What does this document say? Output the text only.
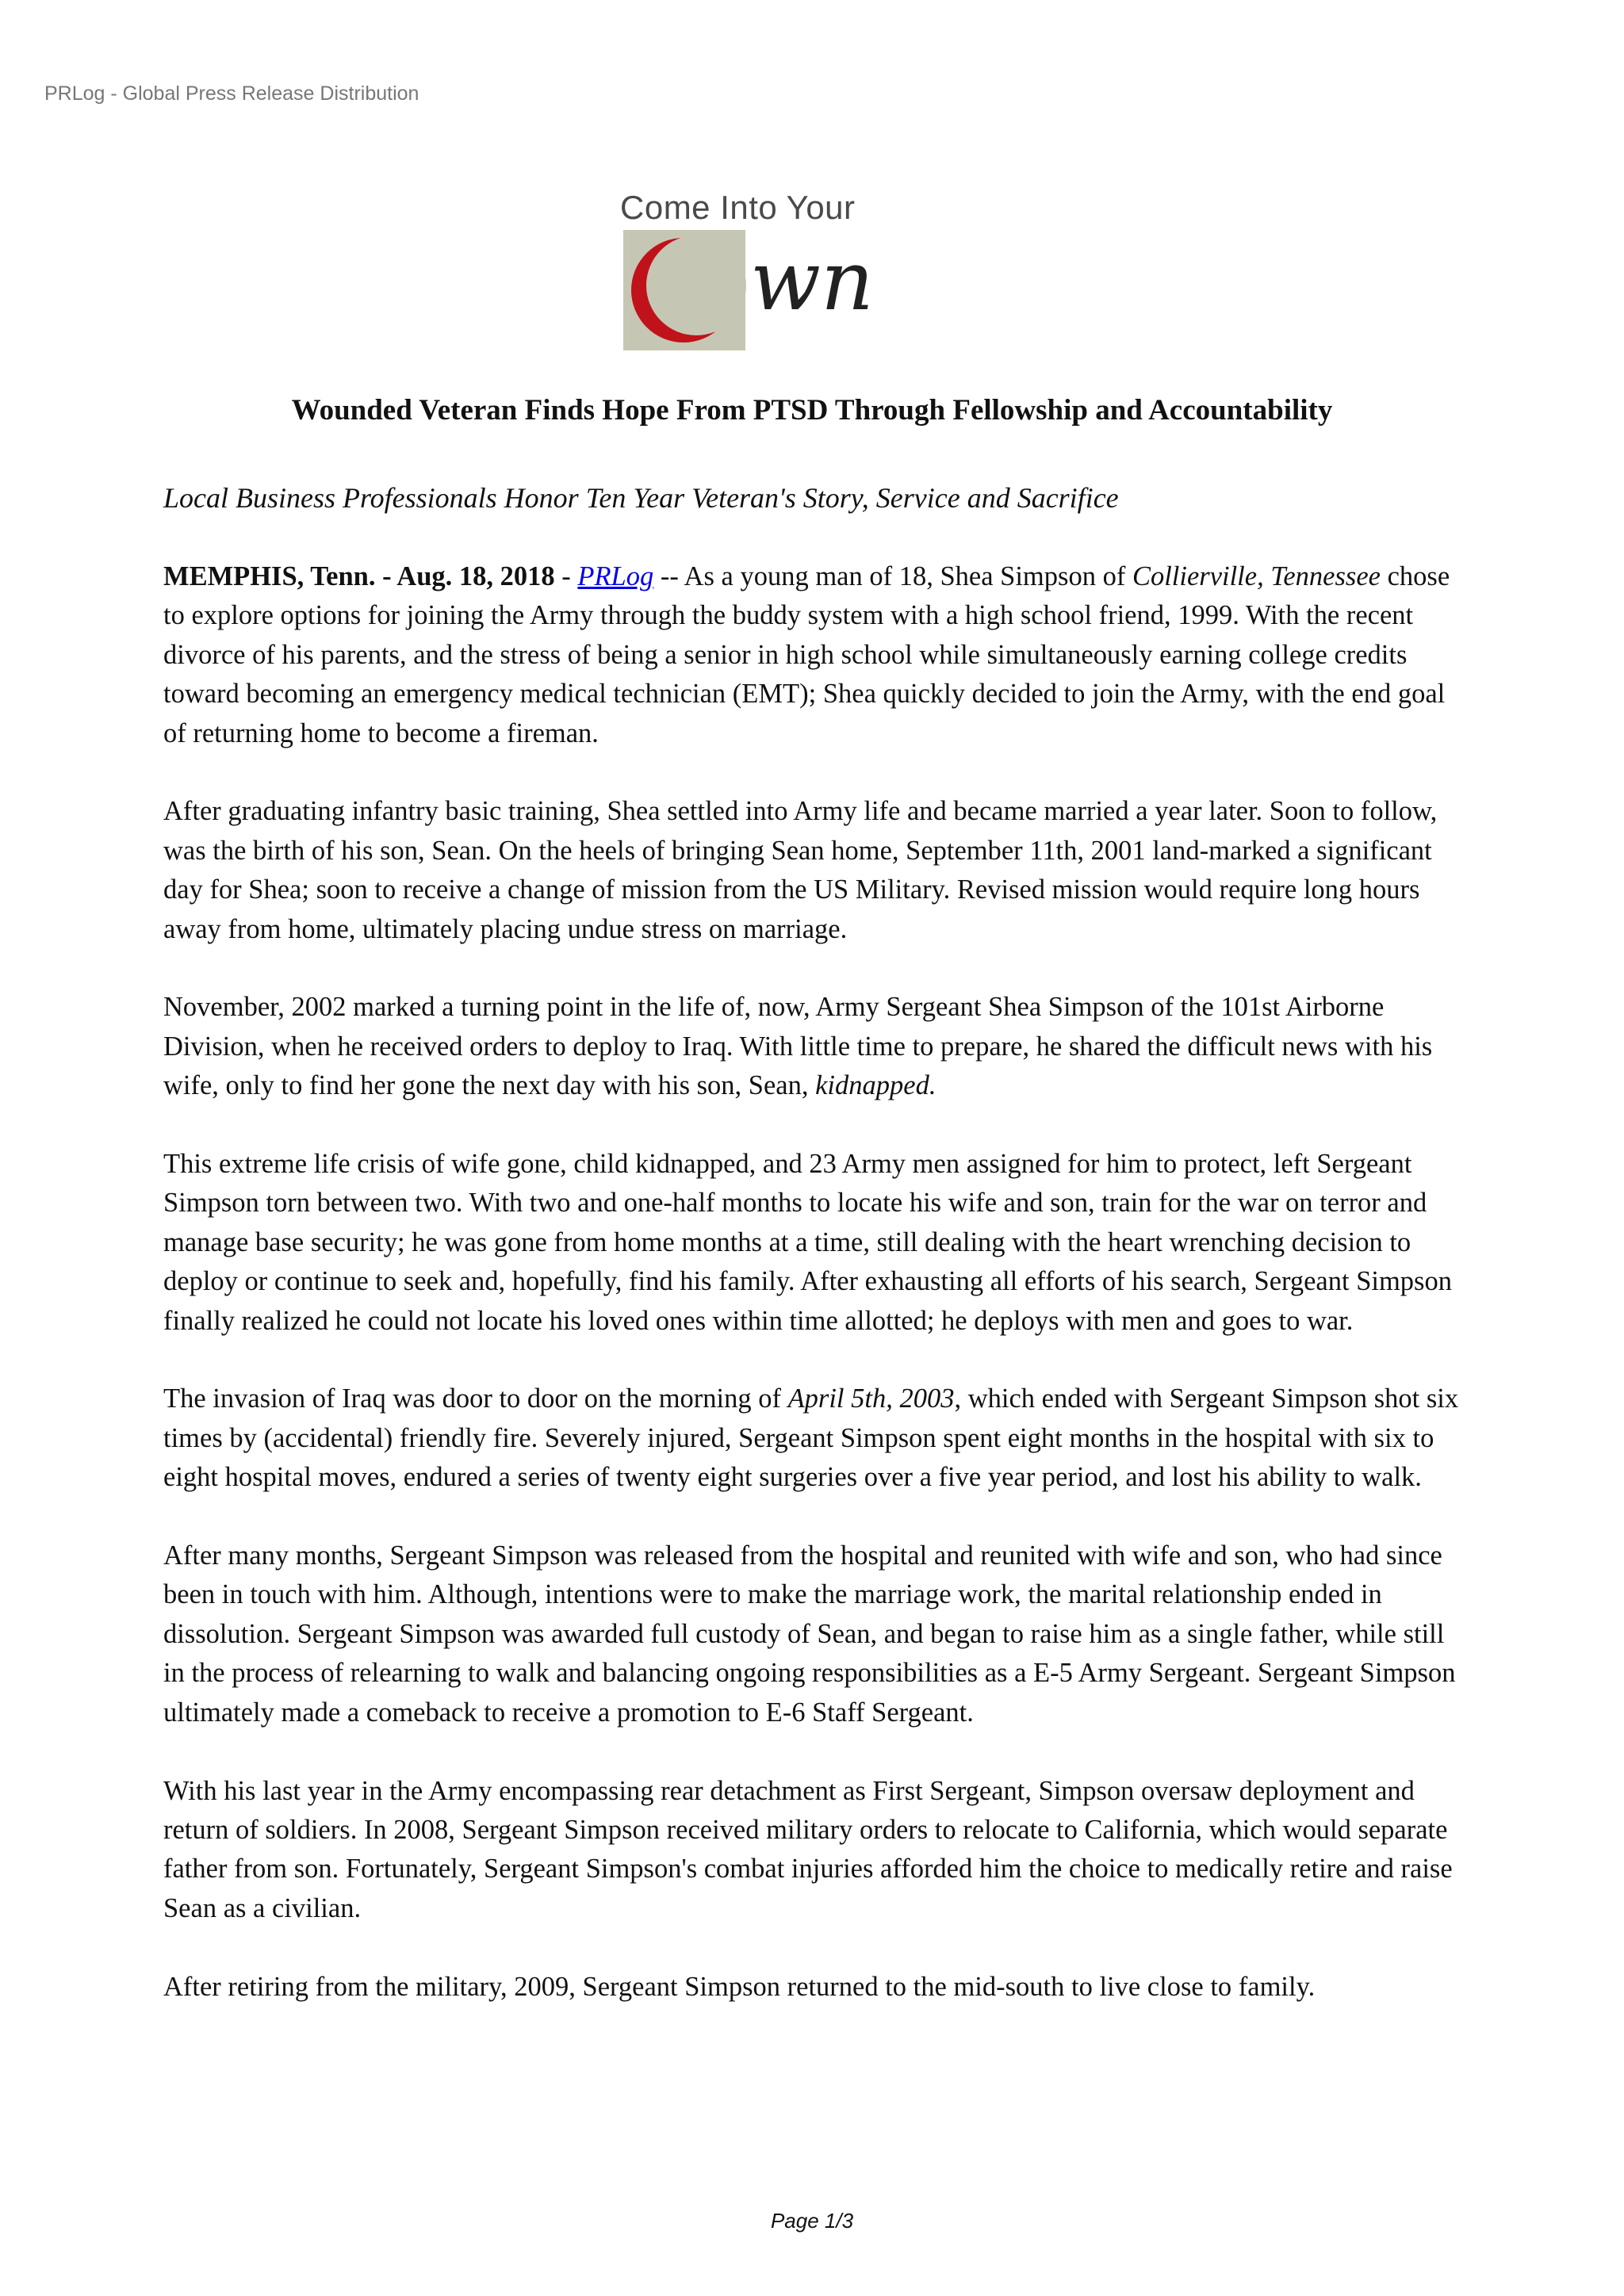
PRLog - Global Press Release Distribution
Come Into Your
wn
Wounded Veteran Finds Hope From PTSD Through Fellowship and Accountability

Local Business Professionals Honor Ten Year Veteran's Story, Service and Sacrifice

MEMPHIS, Tenn. - Aug. 18, 2018 - PRLog -- As a young man of 18, Shea Simpson of Collierville, Tennessee chose to explore options for joining the Army through the buddy system with a high school friend, 1999. With the recent divorce of his parents, and the stress of being a senior in high school while simultaneously earning college credits toward becoming an emergency medical technician (EMT); Shea quickly decided to join the Army, with the end goal of returning home to become a fireman.

After graduating infantry basic training, Shea settled into Army life and became married a year later. Soon to follow, was the birth of his son, Sean. On the heels of bringing Sean home, September 11th, 2001 land-marked a significant day for Shea; soon to receive a change of mission from the US Military. Revised mission would require long hours away from home, ultimately placing undue stress on marriage.

November, 2002 marked a turning point in the life of, now, Army Sergeant Shea Simpson of the 101st Airborne Division, when he received orders to deploy to Iraq. With little time to prepare, he shared the difficult news with his wife, only to find her gone the next day with his son, Sean, kidnapped.

This extreme life crisis of wife gone, child kidnapped, and 23 Army men assigned for him to protect, left Sergeant Simpson torn between two. With two and one-half months to locate his wife and son, train for the war on terror and manage base security; he was gone from home months at a time, still dealing with the heart wrenching decision to deploy or continue to seek and, hopefully, find his family. After exhausting all efforts of his search, Sergeant Simpson finally realized he could not locate his loved ones within time allotted; he deploys with men and goes to war.

The invasion of Iraq was door to door on the morning of April 5th, 2003, which ended with Sergeant Simpson shot six times by (accidental) friendly fire. Severely injured, Sergeant Simpson spent eight months in the hospital with six to eight hospital moves, endured a series of twenty eight surgeries over a five year period, and lost his ability to walk.

After many months, Sergeant Simpson was released from the hospital and reunited with wife and son, who had since been in touch with him. Although, intentions were to make the marriage work, the marital relationship ended in dissolution. Sergeant Simpson was awarded full custody of Sean, and began to raise him as a single father, while still in the process of relearning to walk and balancing ongoing responsibilities as a E-5 Army Sergeant. Sergeant Simpson ultimately made a comeback to receive a promotion to E-6 Staff Sergeant.

With his last year in the Army encompassing rear detachment as First Sergeant, Simpson oversaw deployment and return of soldiers. In 2008, Sergeant Simpson received military orders to relocate to California, which would separate father from son. Fortunately, Sergeant Simpson's combat injuries afforded him the choice to medically retire and raise Sean as a civilian.

After retiring from the military, 2009, Sergeant Simpson returned to the mid-south to live close to family.

Page 1/3
